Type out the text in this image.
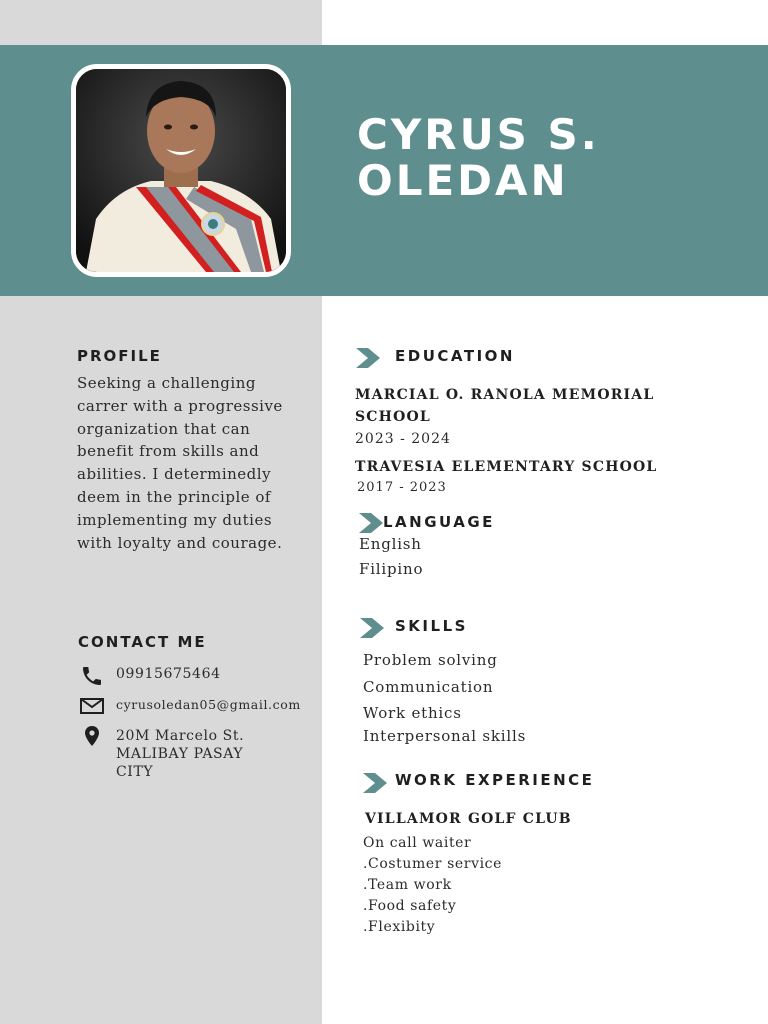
CYRUS S.
OLEDAN
PROFILE

Seeking a challenging carrer with a progressive organization that can benefit from skills and abilities. I determinedly deem in the principle of implementing my duties with loyalty and courage.

CONTACT ME
09915675464
cyrusoledan05@gmail.com
20M Marcelo St.
MALIBAY PASAY
CITY
EDUCATION

MARCIAL O. RANOLA MEMORIAL SCHOOL

2023 - 2024

TRAVESIA ELEMENTARY SCHOOL

2017 - 2023

LANGUAGE

English

Filipino

SKILLS

Problem solving

Communication

Work ethics

Interpersonal skills

WORK EXPERIENCE

VILLAMOR GOLF CLUB

On call waiter

.Costumer service

.Team work

.Food safety

.Flexibity
